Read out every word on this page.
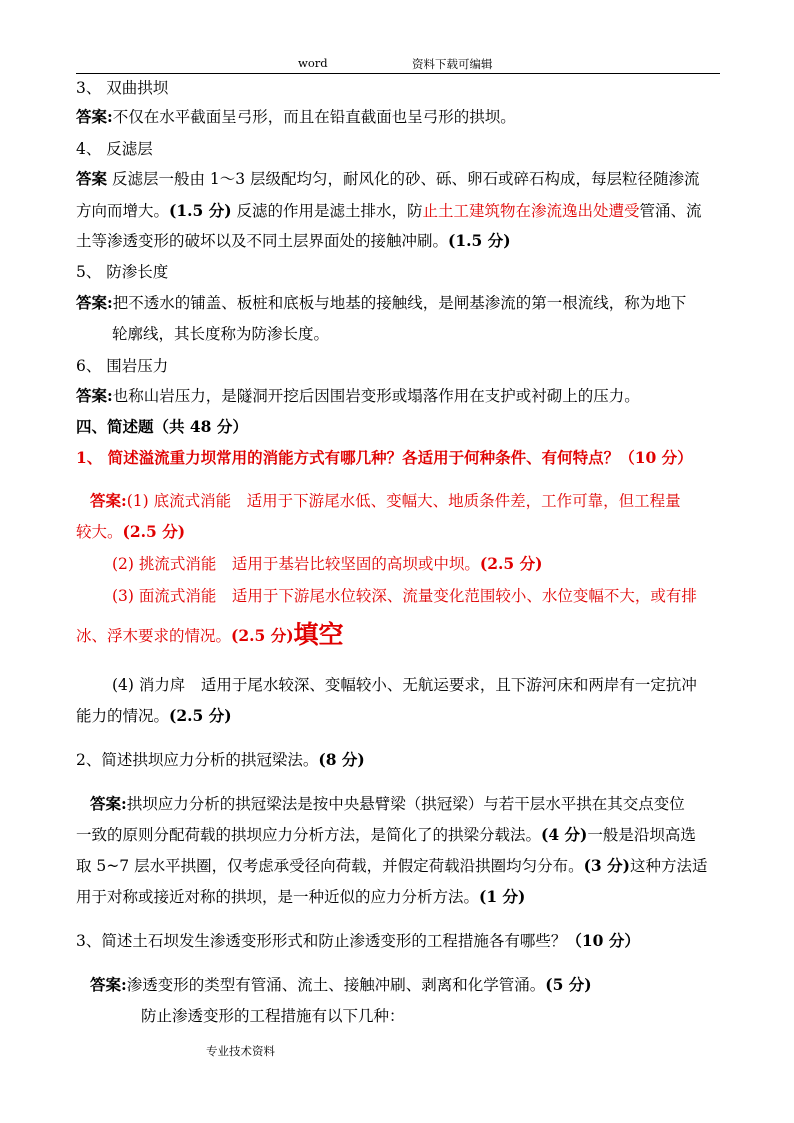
word	资料下载可编辑
3、 双曲拱坝
答案:不仅在水平截面呈弓形，而且在铅直截面也呈弓形的拱坝。
4、 反滤层
答案 反滤层一般由 1～3 层级配均匀，耐风化的砂、砾、卵石或碎石构成，每层粒径随渗流
方向而增大。(1.5 分) 反滤的作用是滤土排水，防止土工建筑物在渗流逸出处遭受管涌、流
土等渗透变形的破坏以及不同土层界面处的接触冲刷。(1.5 分)
5、 防渗长度
答案:把不透水的铺盖、板桩和底板与地基的接触线，是闸基渗流的第一根流线，称为地下
轮廓线，其长度称为防渗长度。
6、 围岩压力
答案:也称山岩压力，是隧洞开挖后因围岩变形或塌落作用在支护或衬砌上的压力。
四、简述题（共 48 分）
1、 简述溢流重力坝常用的消能方式有哪几种？各适用于何种条件、有何特点？（10 分）
答案:(1) 底流式消能　适用于下游尾水低、变幅大、地质条件差，工作可靠，但工程量
较大。(2.5 分)
(2) 挑流式消能　适用于基岩比较坚固的高坝或中坝。(2.5 分)
(3) 面流式消能　适用于下游尾水位较深、流量变化范围较小、水位变幅不大，或有排
冰、浮木要求的情况。(2.5 分)填空
(4) 消力戽　适用于尾水较深、变幅较小、无航运要求，且下游河床和两岸有一定抗冲
能力的情况。(2.5 分)
2、简述拱坝应力分析的拱冠梁法。(8 分)
答案:拱坝应力分析的拱冠梁法是按中央悬臂梁（拱冠梁）与若干层水平拱在其交点变位
一致的原则分配荷载的拱坝应力分析方法，是简化了的拱梁分载法。(4 分)一般是沿坝高选
取 5~7 层水平拱圈，仅考虑承受径向荷载，并假定荷载沿拱圈均匀分布。(3 分)这种方法适
用于对称或接近对称的拱坝，是一种近似的应力分析方法。(1 分)
3、简述土石坝发生渗透变形形式和防止渗透变形的工程措施各有哪些？（10 分）
答案:渗透变形的类型有管涌、流土、接触冲刷、剥离和化学管涌。(5 分)
防止渗透变形的工程措施有以下几种：
专业技术资料
